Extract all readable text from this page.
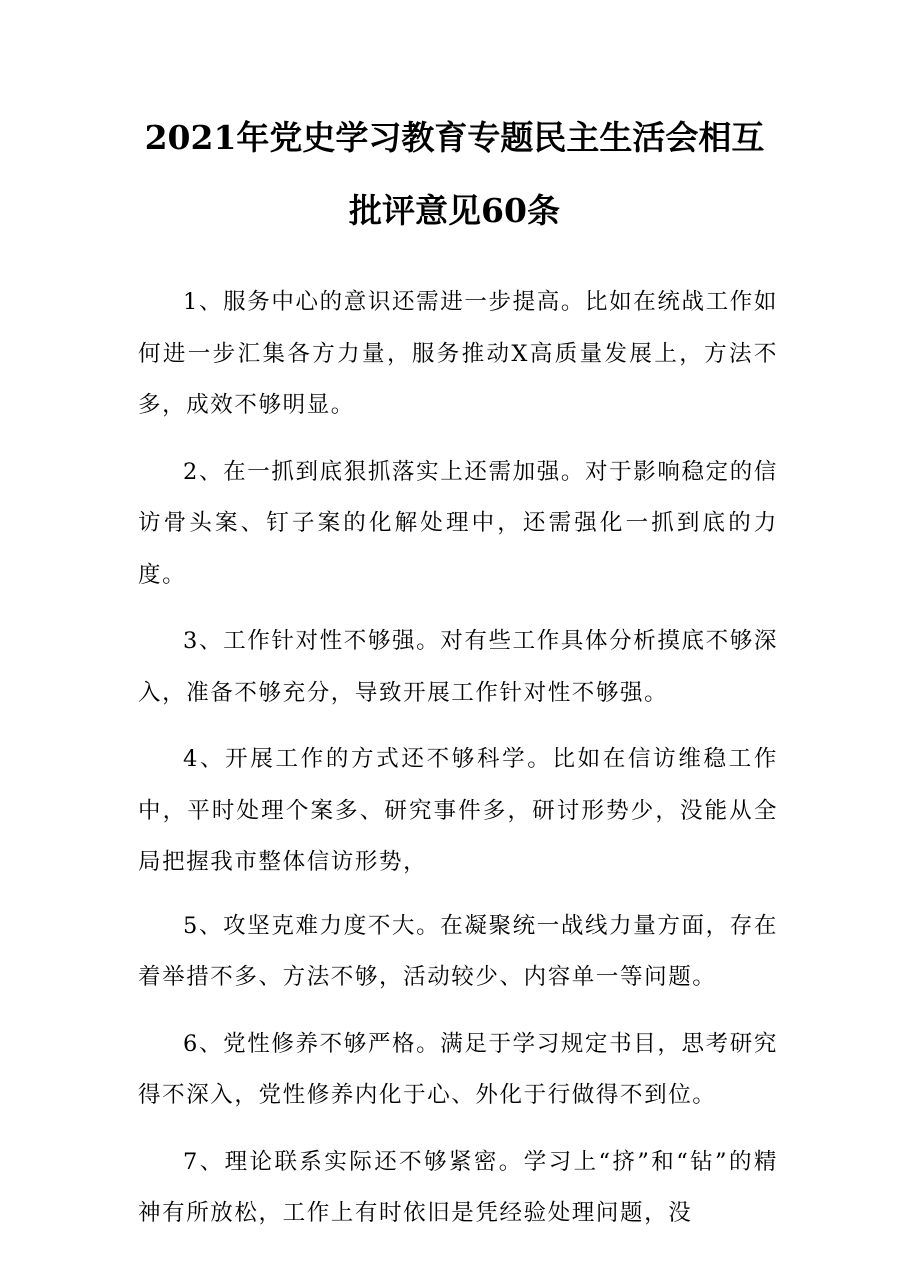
2021年党史学习教育专题民主生活会相互
批评意见60条

1、服务中心的意识还需进一步提高。比如在统战工作如何进一步汇集各方力量，服务推动X高质量发展上，方法不多，成效不够明显。

2、在一抓到底狠抓落实上还需加强。对于影响稳定的信访骨头案、钉子案的化解处理中，还需强化一抓到底的力度。

3、工作针对性不够强。对有些工作具体分析摸底不够深入，准备不够充分，导致开展工作针对性不够强。

4、开展工作的方式还不够科学。比如在信访维稳工作中，平时处理个案多、研究事件多，研讨形势少，没能从全局把握我市整体信访形势，

5、攻坚克难力度不大。在凝聚统一战线力量方面，存在着举措不多、方法不够，活动较少、内容单一等问题。

6、党性修养不够严格。满足于学习规定书目，思考研究得不深入，党性修养内化于心、外化于行做得不到位。

7、理论联系实际还不够紧密。学习上“挤”和“钻”的精神有所放松，工作上有时依旧是凭经验处理问题，没
